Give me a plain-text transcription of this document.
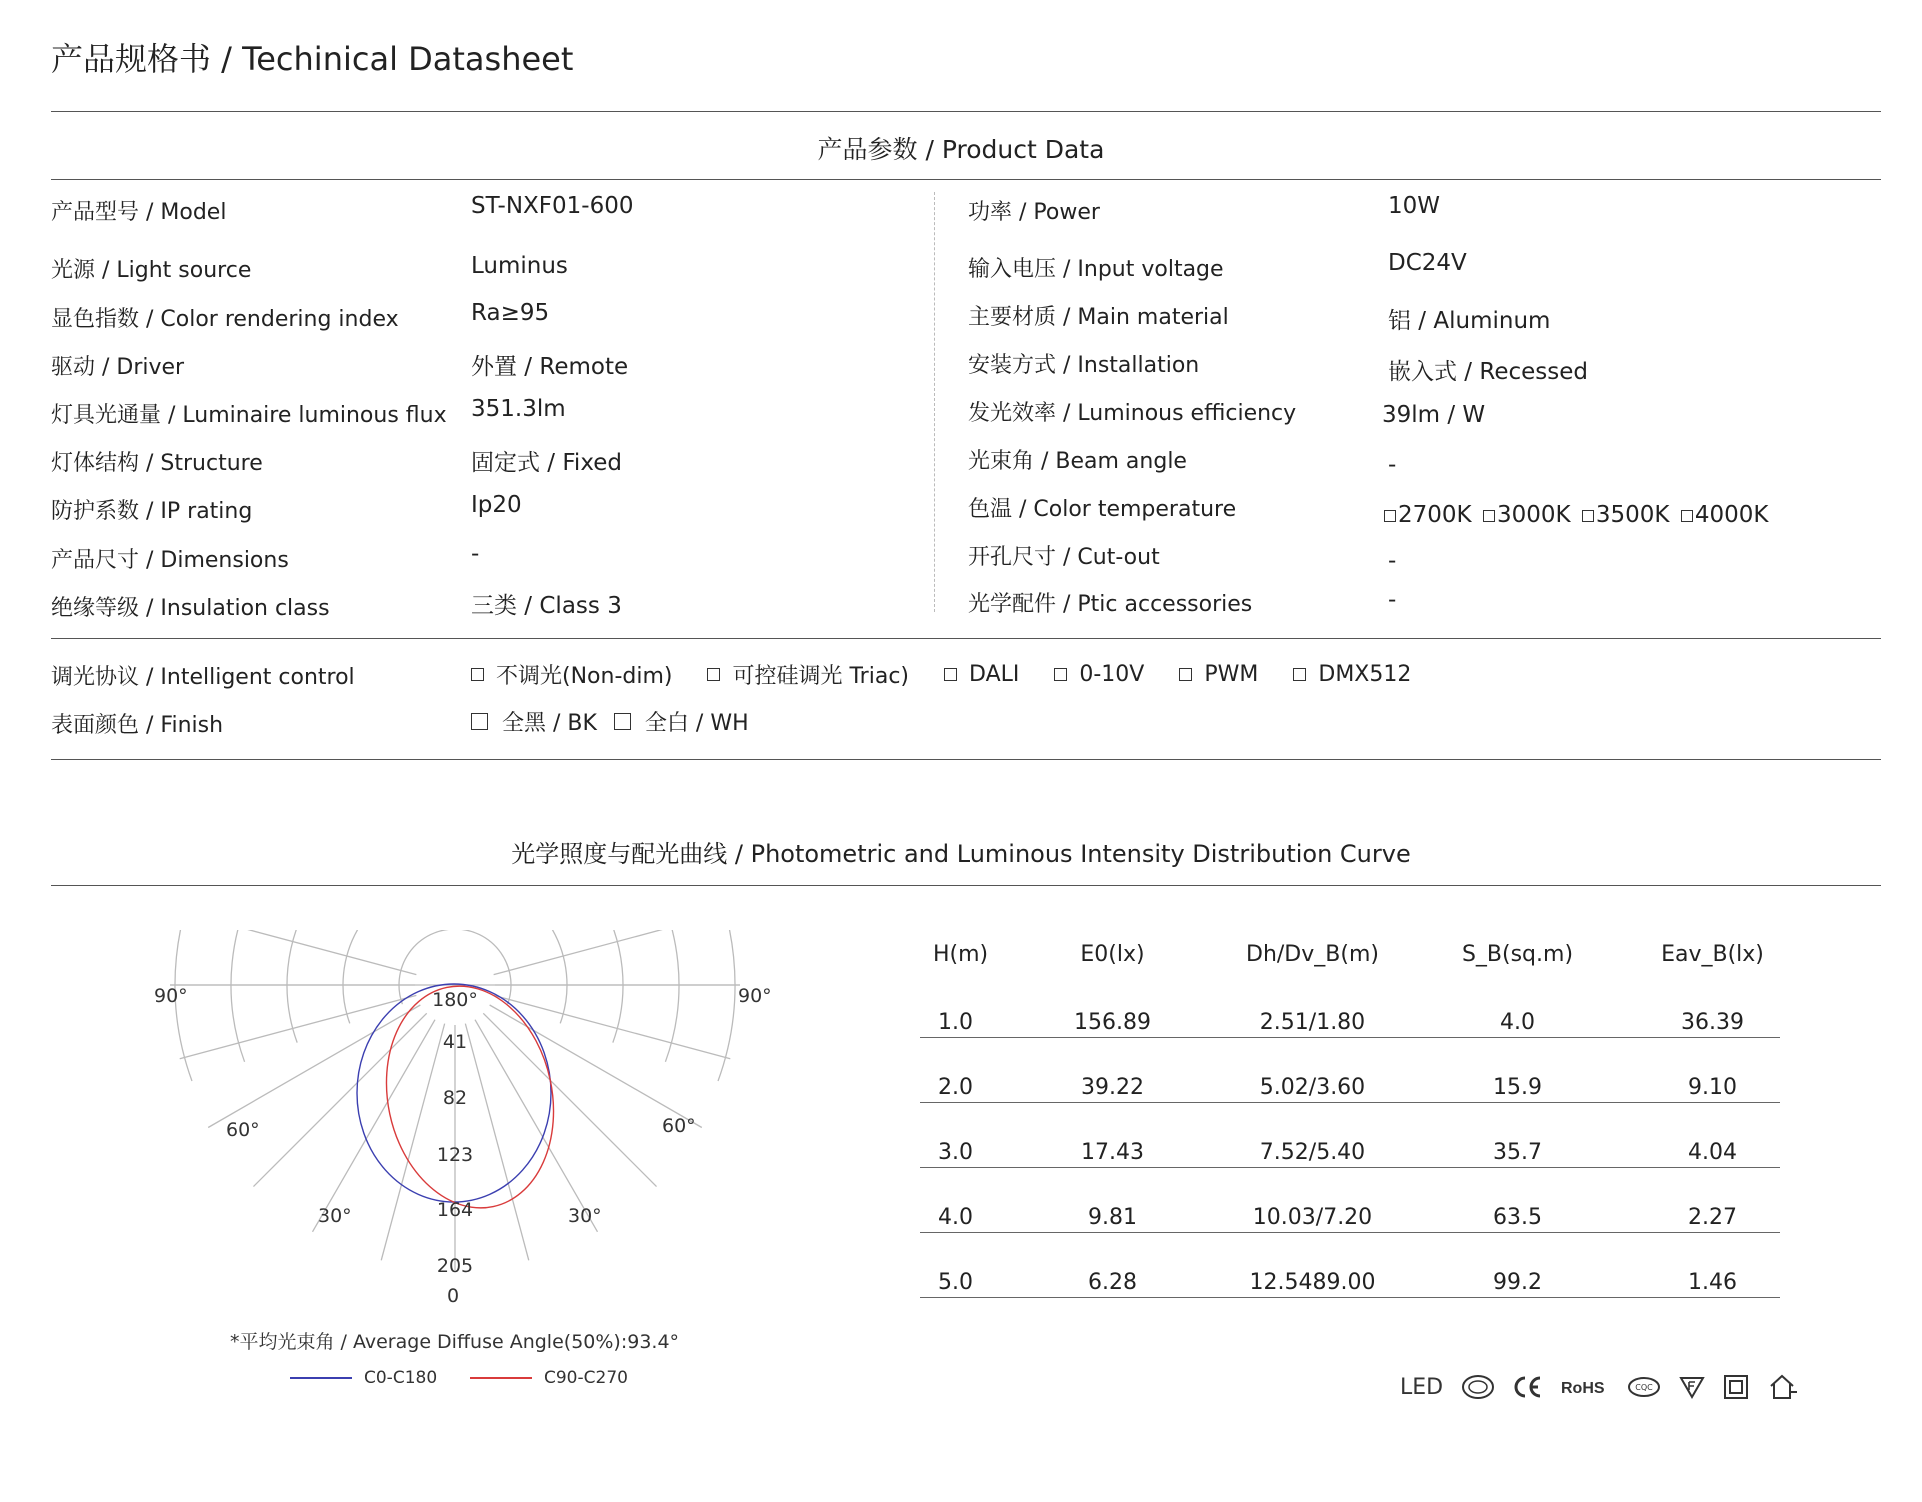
产品规格书 / Techinical Datasheet
产品参数 / Product Data
产品型号 / Model	ST-NXF01-600
光源 / Light source	Luminus
显色指数 / Color rendering index	Ra≥95
驱动 / Driver	外置 / Remote
灯具光通量 / Luminaire luminous flux 351.3lm
灯体结构 / Structure	固定式 / Fixed
防护系数 / IP rating	Ip20
产品尺寸 / Dimensions	-
绝缘等级 / Insulation class	三类 / Class 3
功率 / Power	10W
输入电压 / Input voltage	DC24V
主要材质 / Main material	铝 / Aluminum
安装方式 / Installation	嵌入式 / Recessed
发光效率 / Luminous efficiency	39lm / W
光束角 / Beam angle	-
色温 / Color temperature	2700K 3000K 3500K 4000K
开孔尺寸 / Cut-out	-
光学配件 / Ptic accessories	-
调光协议 / Intelligent control	不调光(Non-dim)
	可控硅调光 Triac)
	DALI
	0-10V
	PWM
	DMX512
表面颜色 / Finish	全黑 / BK
全白 / WH
光学照度与配光曲线 / Photometric and Luminous Intensity Distribution Curve
180°
90°	90°
60°	60°
30°	30°
0
41
82
123
164
205
*平均光束角 / Average Diffuse Angle(50%):93.4°
C0-C180	C90-C270
H(m)	E0(lx)	Dh/Dv_B(m)	S_B(sq.m)	Eav_B(lx)
1.0	156.89	2.51/1.80	4.0	36.39
2.0	39.22	5.02/3.60	15.9	9.10
3.0	17.43	7.52/5.40	35.7	4.04
4.0	9.81	10.03/7.20	63.5	2.27
5.0	6.28	12.5489.00	99.2	1.46
LED	RoHS	CQC
